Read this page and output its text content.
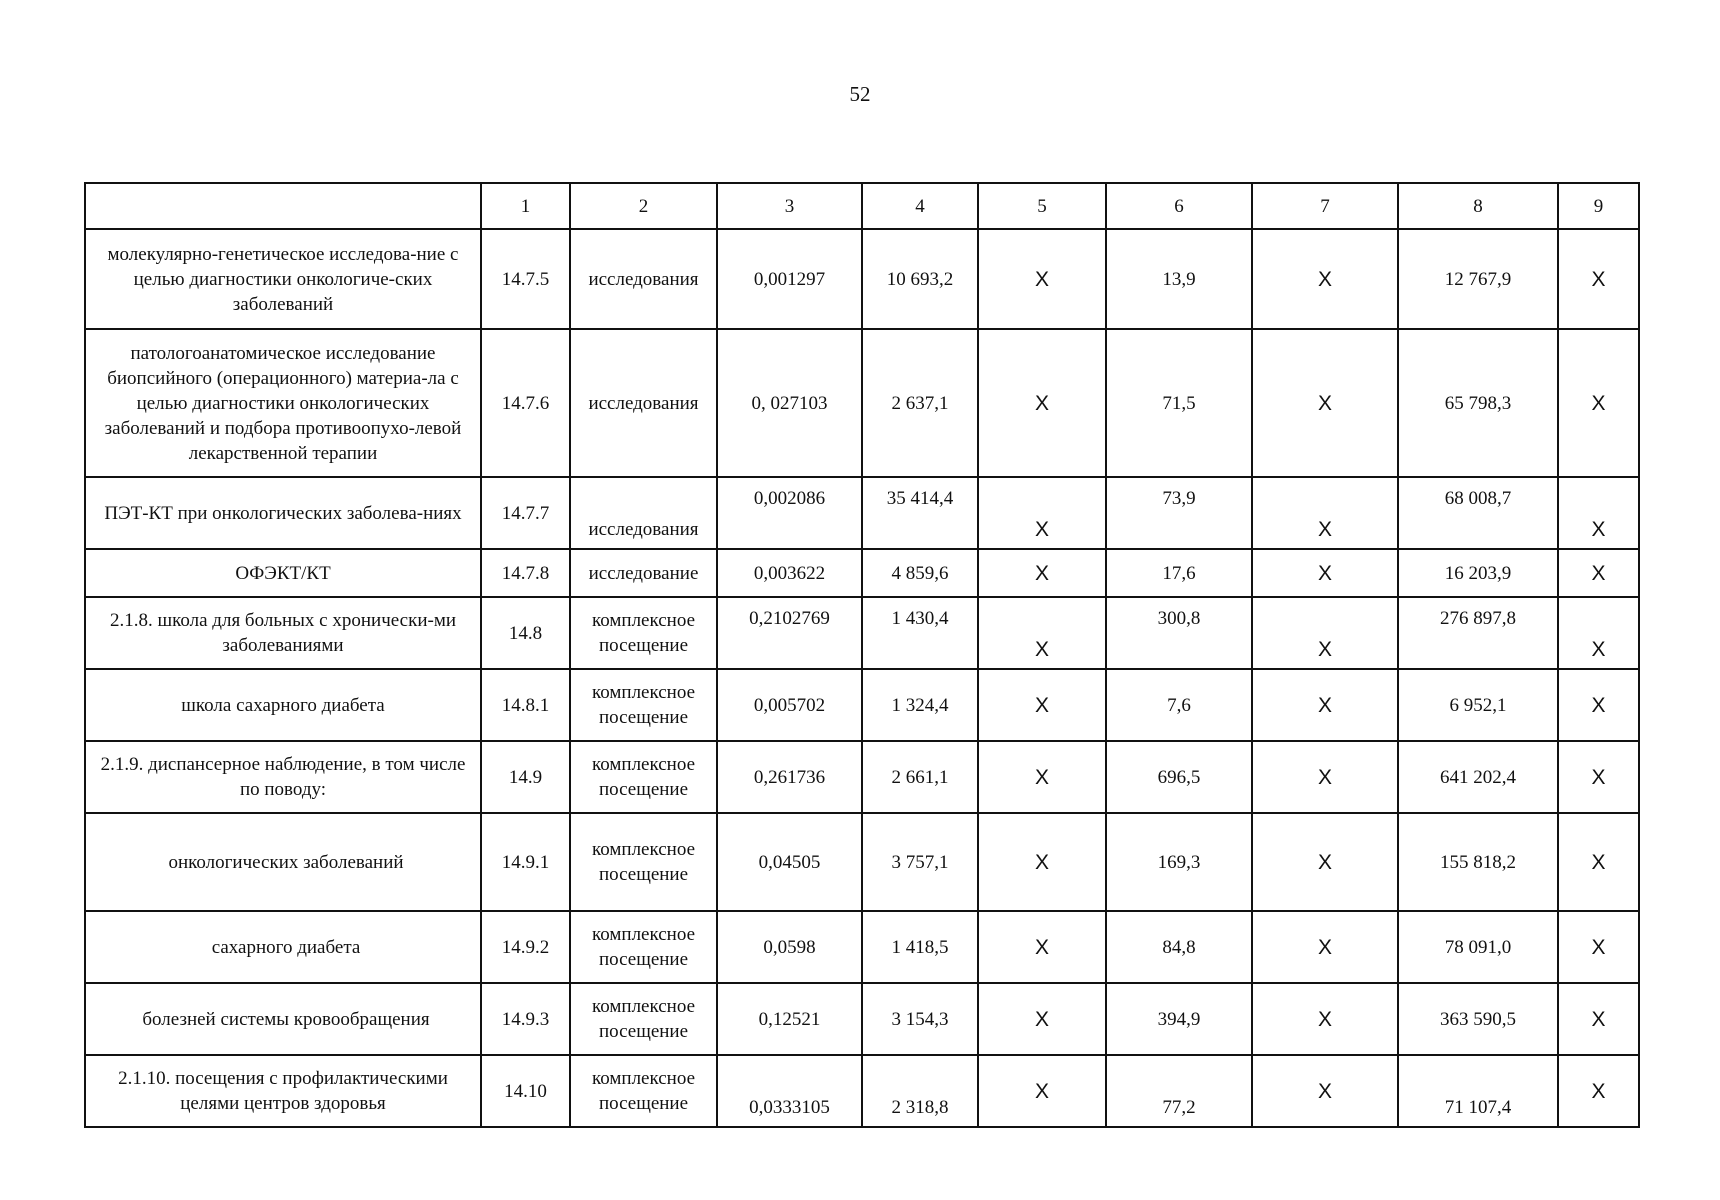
52
	1	2	3	4	5	6	7	8	9
молекулярно-генетическое исследова-ние с целью диагностики онкологиче-ских заболеваний	14.7.5	исследования	0,001297	10 693,2	X	13,9	X	12 767,9	X
патологоанатомическое исследование биопсийного (операционного) материа-ла с целью диагностики онкологических заболеваний и подбора противоопухо-левой лекарственной терапии	14.7.6	исследования	0, 027103	2 637,1	X	71,5	X	65 798,3	X
ПЭТ-КТ при онкологических заболева-ниях	14.7.7	исследования	0,002086	35 414,4	X	73,9	X	68 008,7	X
ОФЭКТ/КТ	14.7.8	исследование	0,003622	4 859,6	X	17,6	X	16 203,9	X
2.1.8. школа для больных с хронически-ми заболеваниями	14.8	комплексное посещение	0,2102769	1 430,4	X	300,8	X	276 897,8	X
школа сахарного диабета	14.8.1	комплексное посещение	0,005702	1 324,4	X	7,6	X	6 952,1	X
2.1.9. диспансерное наблюдение, в том числе по поводу:	14.9	комплексное посещение	0,261736	2 661,1	X	696,5	X	641 202,4	X
онкологических заболеваний	14.9.1	комплексное посещение	0,04505	3 757,1	X	169,3	X	155 818,2	X
сахарного диабета	14.9.2	комплексное посещение	0,0598	1 418,5	X	84,8	X	78 091,0	X
болезней системы кровообращения	14.9.3	комплексное посещение	0,12521	3 154,3	X	394,9	X	363 590,5	X
2.1.10. посещения с профилактическими целями центров здоровья	14.10	комплексное посещение	0,0333105	2 318,8	X	77,2	X	71 107,4	X
